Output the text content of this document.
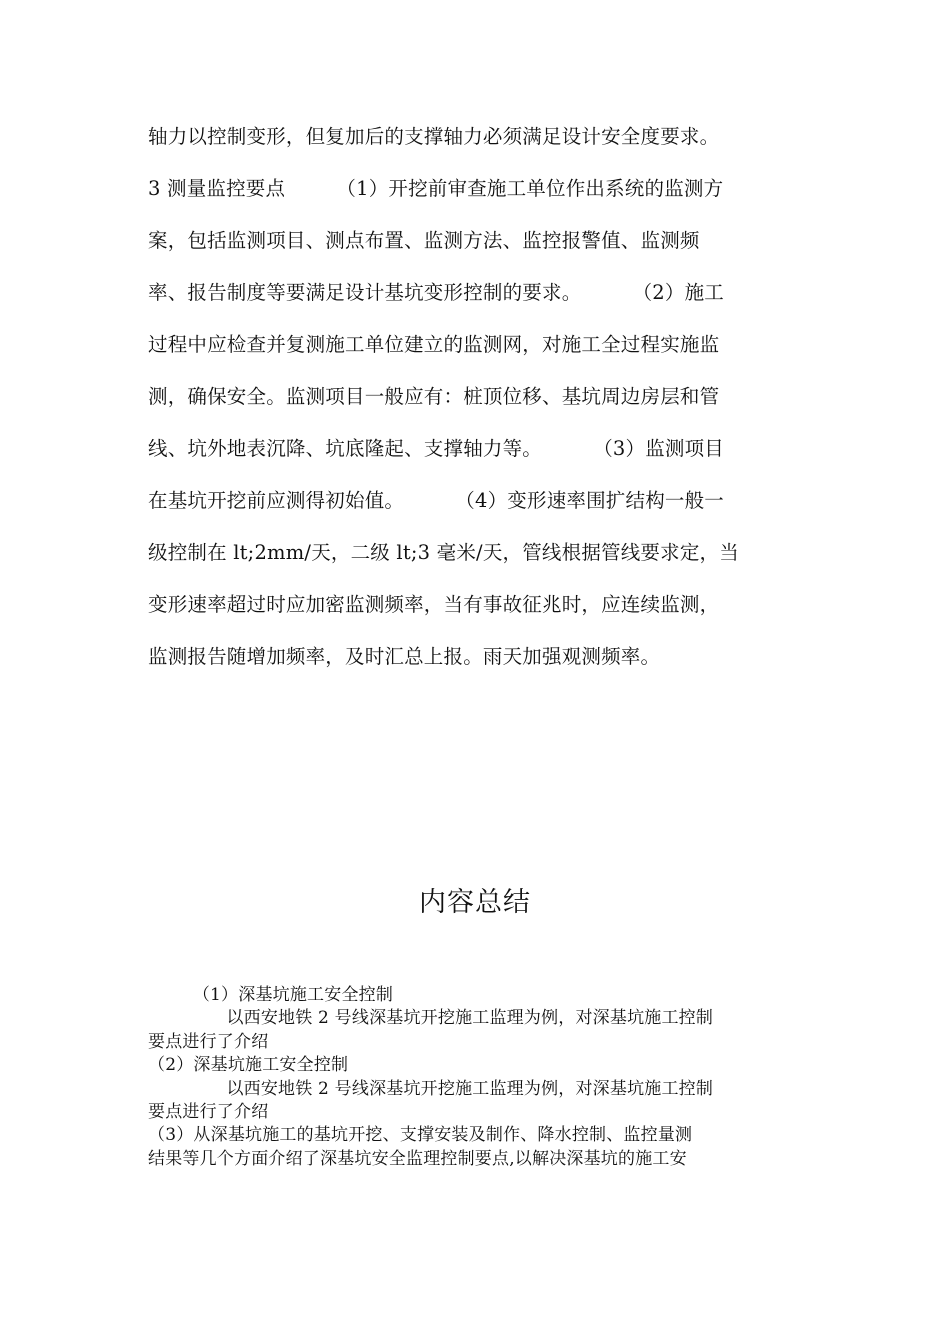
轴力以控制变形，但复加后的支撑轴力必须满足设计安全度要求。
3 测量监控要点        （1）开挖前审查施工单位作出系统的监测方
案，包括监测项目、测点布置、监测方法、监控报警值、监测频
率、报告制度等要满足设计基坑变形控制的要求。        （2）施工
过程中应检查并复测施工单位建立的监测网，对施工全过程实施监
测，确保安全。监测项目一般应有：桩顶位移、基坑周边房层和管
线、坑外地表沉降、坑底隆起、支撑轴力等。        （3）监测项目
在基坑开挖前应测得初始值。        （4）变形速率围扩结构一般一
级控制在 lt;2mm/天，二级 lt;3 毫米/天，管线根据管线要求定，当
变形速率超过时应加密监测频率，当有事故征兆时，应连续监测，
监测报告随增加频率，及时汇总上报。雨天加强观测频率。
内容总结
（1）深基坑施工安全控制
以西安地铁 2 号线深基坑开挖施工监理为例，对深基坑施工控制
要点进行了介绍
（2）深基坑施工安全控制
以西安地铁 2 号线深基坑开挖施工监理为例，对深基坑施工控制
要点进行了介绍
（3）从深基坑施工的基坑开挖、支撑安装及制作、降水控制、监控量测
结果等几个方面介绍了深基坑安全监理控制要点,以解决深基坑的施工安
